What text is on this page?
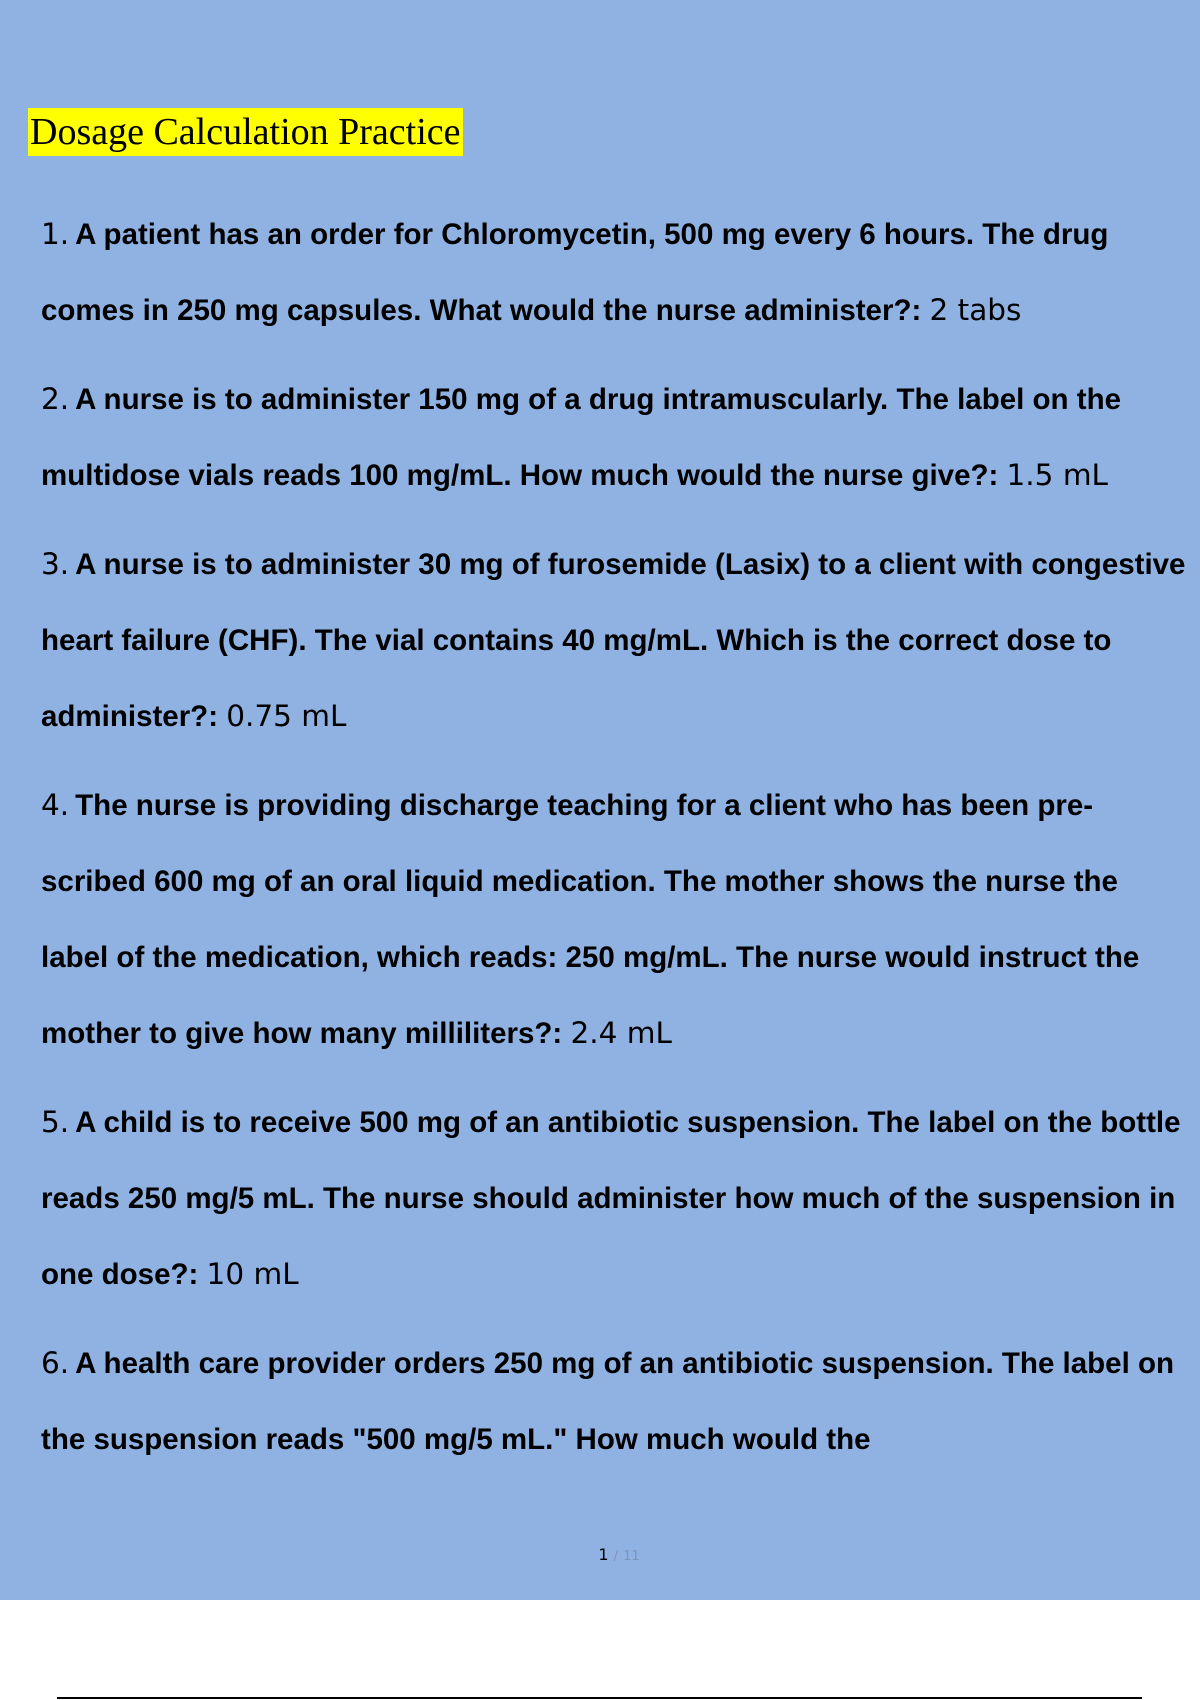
Dosage Calculation Practice
1. A patient has an order for Chloromycetin, 500 mg every 6 hours. The drug comes in 250 mg capsules. What would the nurse administer?: 2 tabs
2. A nurse is to administer 150 mg of a drug intramuscularly. The label on the multidose vials reads 100 mg/mL. How much would the nurse give?: 1.5 mL
3. A nurse is to administer 30 mg of furosemide (Lasix) to a client with congestive heart failure (CHF). The vial contains 40 mg/mL. Which is the correct dose to administer?: 0.75 mL
4. The nurse is providing discharge teaching for a client who has been pre- scribed 600 mg of an oral liquid medication. The mother shows the nurse the label of the medication, which reads: 250 mg/mL. The nurse would instruct the mother to give how many milliliters?: 2.4 mL
5. A child is to receive 500 mg of an antibiotic suspension. The label on the bottle reads 250 mg/5 mL. The nurse should administer how much of the suspension in one dose?: 10 mL
6. A health care provider orders 250 mg of an antibiotic suspension. The label on the suspension reads "500 mg/5 mL." How much would the
1 / 11
